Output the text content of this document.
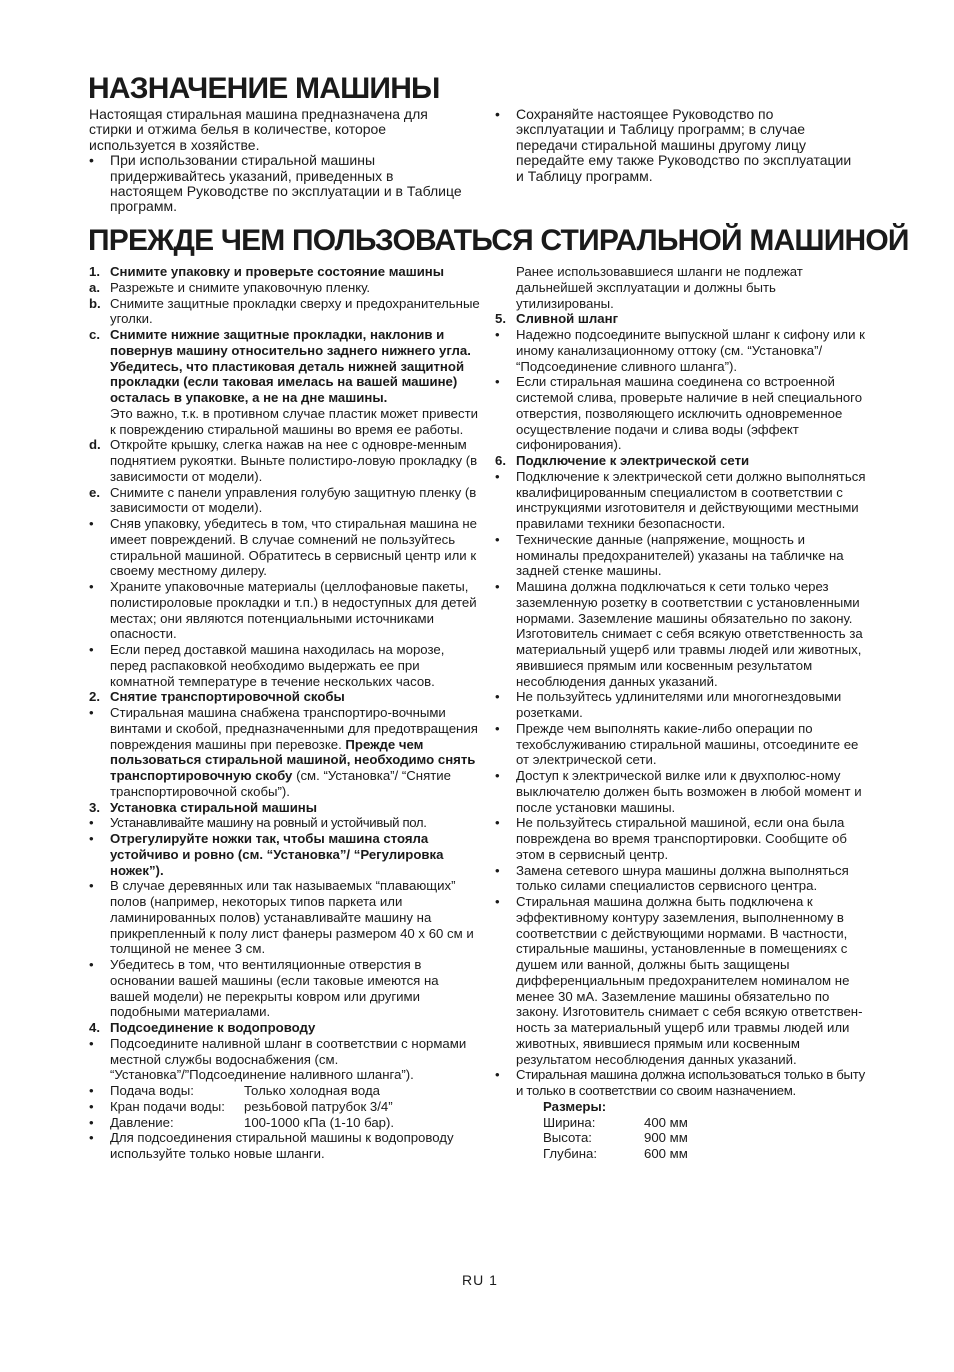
НАЗНАЧЕНИЕ МАШИНЫ
Настоящая стиральная машина предназначена для стирки и отжима белья в количестве, которое используется в хозяйстве.
• При использовании стиральной машины придерживайтесь указаний, приведенных в настоящем Руководстве по эксплуатации и в Таблице программ.
• Сохраняйте настоящее Руководство по эксплуатации и Таблицу программ; в случае передачи стиральной машины другому лицу передайте ему также Руководство по эксплуатации и Таблицу программ.
ПРЕЖДЕ ЧЕМ ПОЛЬЗОВАТЬСЯ СТИРАЛЬНОЙ МАШИНОЙ
1. Снимите упаковку и проверьте состояние машины
a. Разрежьте и снимите упаковочную пленку.
b. Снимите защитные прокладки сверху и предохранительные уголки.
c. Снимите нижние защитные прокладки, наклонив и повернув машину относительно заднего нижнего угла. Убедитесь, что пластиковая деталь нижней защитной прокладки (если таковая имелась на вашей машине) осталась в упаковке, а не на дне машины.
Это важно, т.к. в противном случае пластик может привести к повреждению стиральной машины во время ее работы.
d. Откройте крышку, слегка нажав на нее с одновре-менным поднятием рукоятки. Выньте полистиро-ловую прокладку (в зависимости от модели).
e. Снимите с панели управления голубую защитную пленку (в зависимости от модели).
• Сняв упаковку, убедитесь в том, что стиральная машина не имеет повреждений. В случае сомнений не пользуйтесь стиральной машиной. Обратитесь в сервисный центр или к своему местному дилеру.
• Храните упаковочные материалы (целлофановые пакеты, полистироловые прокладки и т.п.) в недоступных для детей местах; они являются потенциальными источниками опасности.
• Если перед доставкой машина находилась на морозе, перед распаковкой необходимо выдержать ее при комнатной температуре в течение нескольких часов.
2. Снятие транспортировочной скобы
• Стиральная машина снабжена транспортиро-вочными винтами и скобой, предназначенными для предотвращения повреждения машины при перевозке. Прежде чем пользоваться стиральной машиной, необходимо снять транспортировочную скобу (см. “Установка”/ “Снятие транспортировочной скобы”).
3. Установка стиральной машины
• Устанавливайте машину на ровный и устойчивый пол.
• Отрегулируйте ножки так, чтобы машина стояла устойчиво и ровно (см. “Установка”/ “Регулировка ножек”).
• В случае деревянных или так называемых “плавающих” полов (например, некоторых типов паркета или ламинированных полов) устанавливайте машину на прикрепленный к полу лист фанеры размером 40 x 60 см и толщиной не менее 3 см.
• Убедитесь в том, что вентиляционные отверстия в основании вашей машины (если таковые имеются на вашей модели) не перекрыты ковром или другими подобными материалами.
4. Подсоединение к водопроводу
• Подсоедините наливной шланг в соответствии с нормами местной службы водоснабжения (см. “Установка”/”Подсоединение наливного шланга”).
• Подача воды:	Только холодная вода
• Кран подачи воды:	резьбовой патрубок 3/4”
• Давление:	100-1000 кПа (1-10 бар).
• Для подсоединения стиральной машины к водопроводу используйте только новые шланги.
Ранее использовавшиеся шланги не подлежат дальнейшей эксплуатации и должны быть утилизированы.
5. Сливной шланг
• Надежно подсоедините выпускной шланг к сифону или к иному канализационному оттоку (см. “Установка”/ “Подсоединение сливного шланга”).
• Если стиральная машина соединена со встроенной системой слива, проверьте наличие в ней специального отверстия, позволяющего исключить одновременное осуществление подачи и слива воды (эффект сифонирования).
6. Подключение к электрической сети
• Подключение к электрической сети должно выполняться квалифицированным специалистом в соответствии с инструкциями изготовителя и действующими местными правилами техники безопасности.
• Технические данные (напряжение, мощность и номиналы предохранителей) указаны на табличке на задней стенке машины.
• Машина должна подключаться к сети только через заземленную розетку в соответствии с установленными нормами. Заземление машины обязательно по закону. Изготовитель снимает с себя всякую ответственность за материальный ущерб или травмы людей или животных, явившиеся прямым или косвенным результатом несоблюдения данных указаний.
• Не пользуйтесь удлинителями или многогнездовыми розетками.
• Прежде чем выполнять какие-либо операции по техобслуживанию стиральной машины, отсоедините ее от электрической сети.
• Доступ к электрической вилке или к двухполюс-ному выключателю должен быть возможен в любой момент и после установки машины.
• Не пользуйтесь стиральной машиной, если она была повреждена во время транспортировки. Сообщите об этом в сервисный центр.
• Замена сетевого шнура машины должна выполняться только силами специалистов сервисного центра.
• Стиральная машина должна быть подключена к эффективному контуру заземления, выполненному в соответствии с действующими нормами. В частности, стиральные машины, установленные в помещениях с душем или ванной, должны быть защищены дифференциальным предохранителем номиналом не менее 30 мА. Заземление машины обязательно по закону. Изготовитель снимает с себя всякую ответствен-ность за материальный ущерб или травмы людей или животных, явившиеся прямым или косвенным результатом несоблюдения данных указаний.
• Стиральная машина должна использоваться только в быту и только в соответствии со своим назначением.
Размеры:
Ширина:	400 мм
Высота:	900 мм
Глубина:	600 мм
RU 1
